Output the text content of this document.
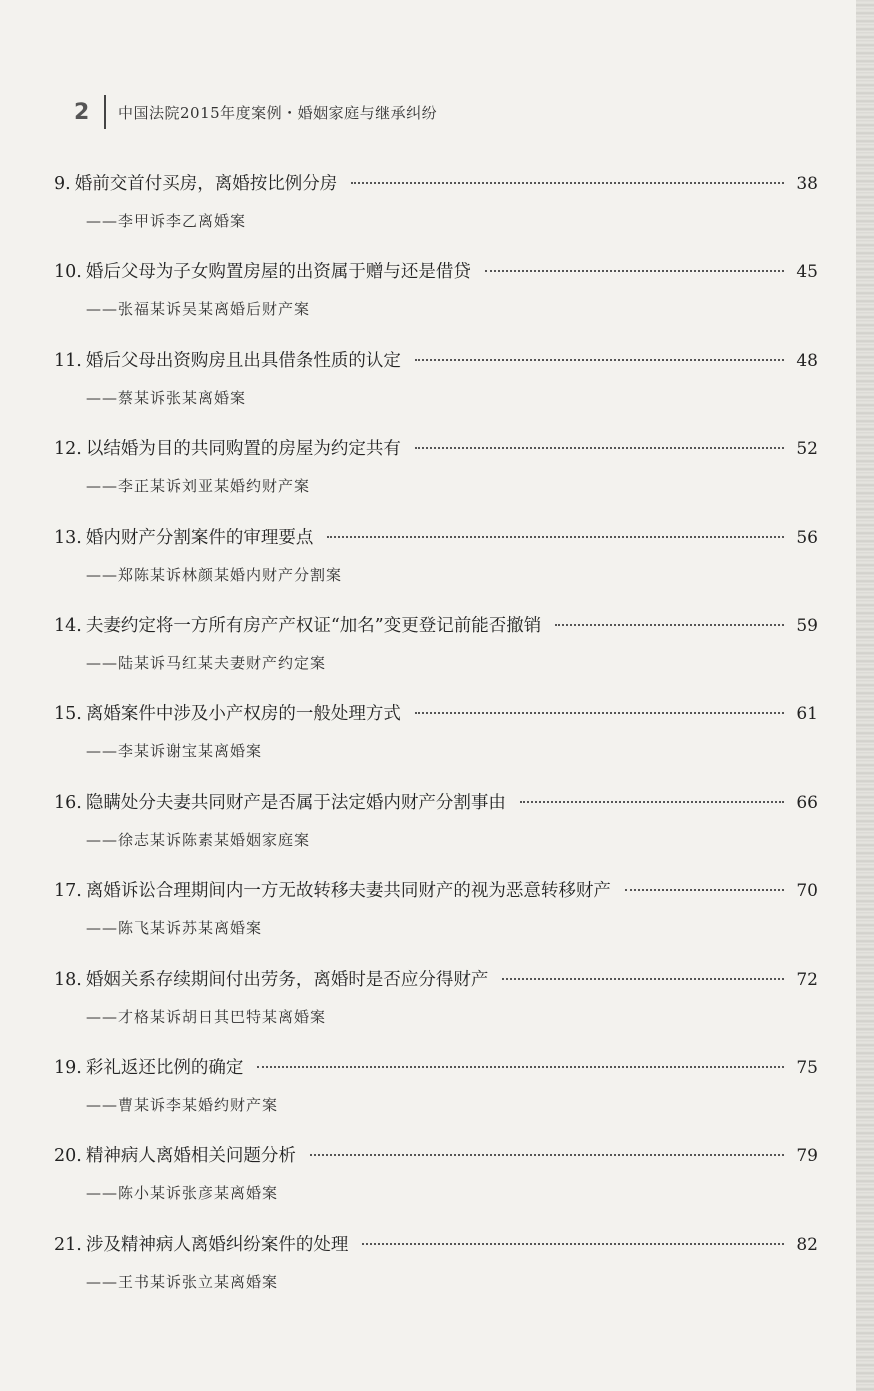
2	中国法院2015年度案例・婚姻家庭与继承纠纷
9. 婚前交首付买房，离婚按比例分房	38
——李甲诉李乙离婚案
10. 婚后父母为子女购置房屋的出资属于赠与还是借贷	45
——张福某诉吴某离婚后财产案
11. 婚后父母出资购房且出具借条性质的认定	48
——蔡某诉张某离婚案
12. 以结婚为目的共同购置的房屋为约定共有	52
——李正某诉刘亚某婚约财产案
13. 婚内财产分割案件的审理要点	56
——郑陈某诉林颜某婚内财产分割案
14. 夫妻约定将一方所有房产产权证“加名”变更登记前能否撤销	59
——陆某诉马红某夫妻财产约定案
15. 离婚案件中涉及小产权房的一般处理方式	61
——李某诉谢宝某离婚案
16. 隐瞒处分夫妻共同财产是否属于法定婚内财产分割事由	66
——徐志某诉陈素某婚姻家庭案
17. 离婚诉讼合理期间内一方无故转移夫妻共同财产的视为恶意转移财产	70
——陈飞某诉苏某离婚案
18. 婚姻关系存续期间付出劳务，离婚时是否应分得财产	72
——才格某诉胡日其巴特某离婚案
19. 彩礼返还比例的确定	75
——曹某诉李某婚约财产案
20. 精神病人离婚相关问题分析	79
——陈小某诉张彦某离婚案
21. 涉及精神病人离婚纠纷案件的处理	82
——王书某诉张立某离婚案
